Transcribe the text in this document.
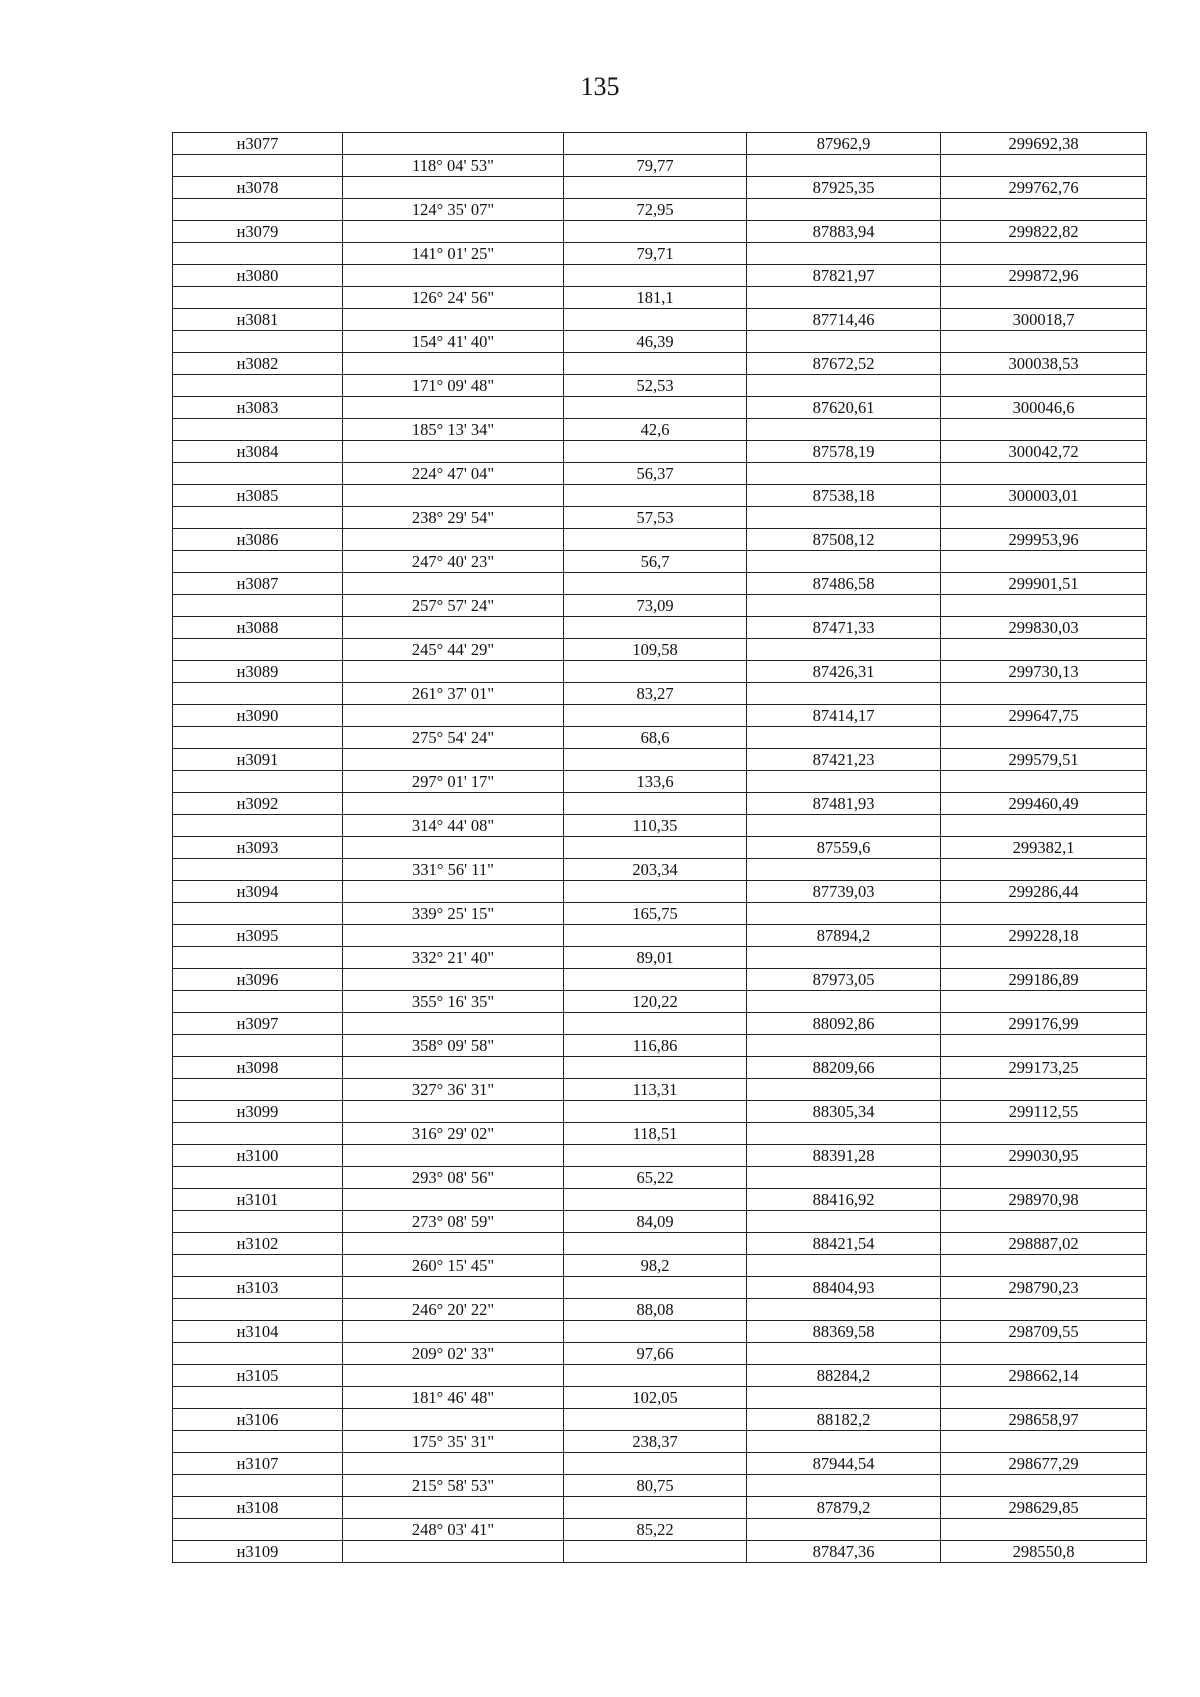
135
н3077			87962,9	299692,38
	118° 04' 53"	79,77		
н3078			87925,35	299762,76
	124° 35' 07"	72,95		
н3079			87883,94	299822,82
	141° 01' 25"	79,71		
н3080			87821,97	299872,96
	126° 24' 56"	181,1		
н3081			87714,46	300018,7
	154° 41' 40"	46,39		
н3082			87672,52	300038,53
	171° 09' 48"	52,53		
н3083			87620,61	300046,6
	185° 13' 34"	42,6		
н3084			87578,19	300042,72
	224° 47' 04"	56,37		
н3085			87538,18	300003,01
	238° 29' 54"	57,53		
н3086			87508,12	299953,96
	247° 40' 23"	56,7		
н3087			87486,58	299901,51
	257° 57' 24"	73,09		
н3088			87471,33	299830,03
	245° 44' 29"	109,58		
н3089			87426,31	299730,13
	261° 37' 01"	83,27		
н3090			87414,17	299647,75
	275° 54' 24"	68,6		
н3091			87421,23	299579,51
	297° 01' 17"	133,6		
н3092			87481,93	299460,49
	314° 44' 08"	110,35		
н3093			87559,6	299382,1
	331° 56' 11"	203,34		
н3094			87739,03	299286,44
	339° 25' 15"	165,75		
н3095			87894,2	299228,18
	332° 21' 40"	89,01		
н3096			87973,05	299186,89
	355° 16' 35"	120,22		
н3097			88092,86	299176,99
	358° 09' 58"	116,86		
н3098			88209,66	299173,25
	327° 36' 31"	113,31		
н3099			88305,34	299112,55
	316° 29' 02"	118,51		
н3100			88391,28	299030,95
	293° 08' 56"	65,22		
н3101			88416,92	298970,98
	273° 08' 59"	84,09		
н3102			88421,54	298887,02
	260° 15' 45"	98,2		
н3103			88404,93	298790,23
	246° 20' 22"	88,08		
н3104			88369,58	298709,55
	209° 02' 33"	97,66		
н3105			88284,2	298662,14
	181° 46' 48"	102,05		
н3106			88182,2	298658,97
	175° 35' 31"	238,37		
н3107			87944,54	298677,29
	215° 58' 53"	80,75		
н3108			87879,2	298629,85
	248° 03' 41"	85,22		
н3109			87847,36	298550,8
